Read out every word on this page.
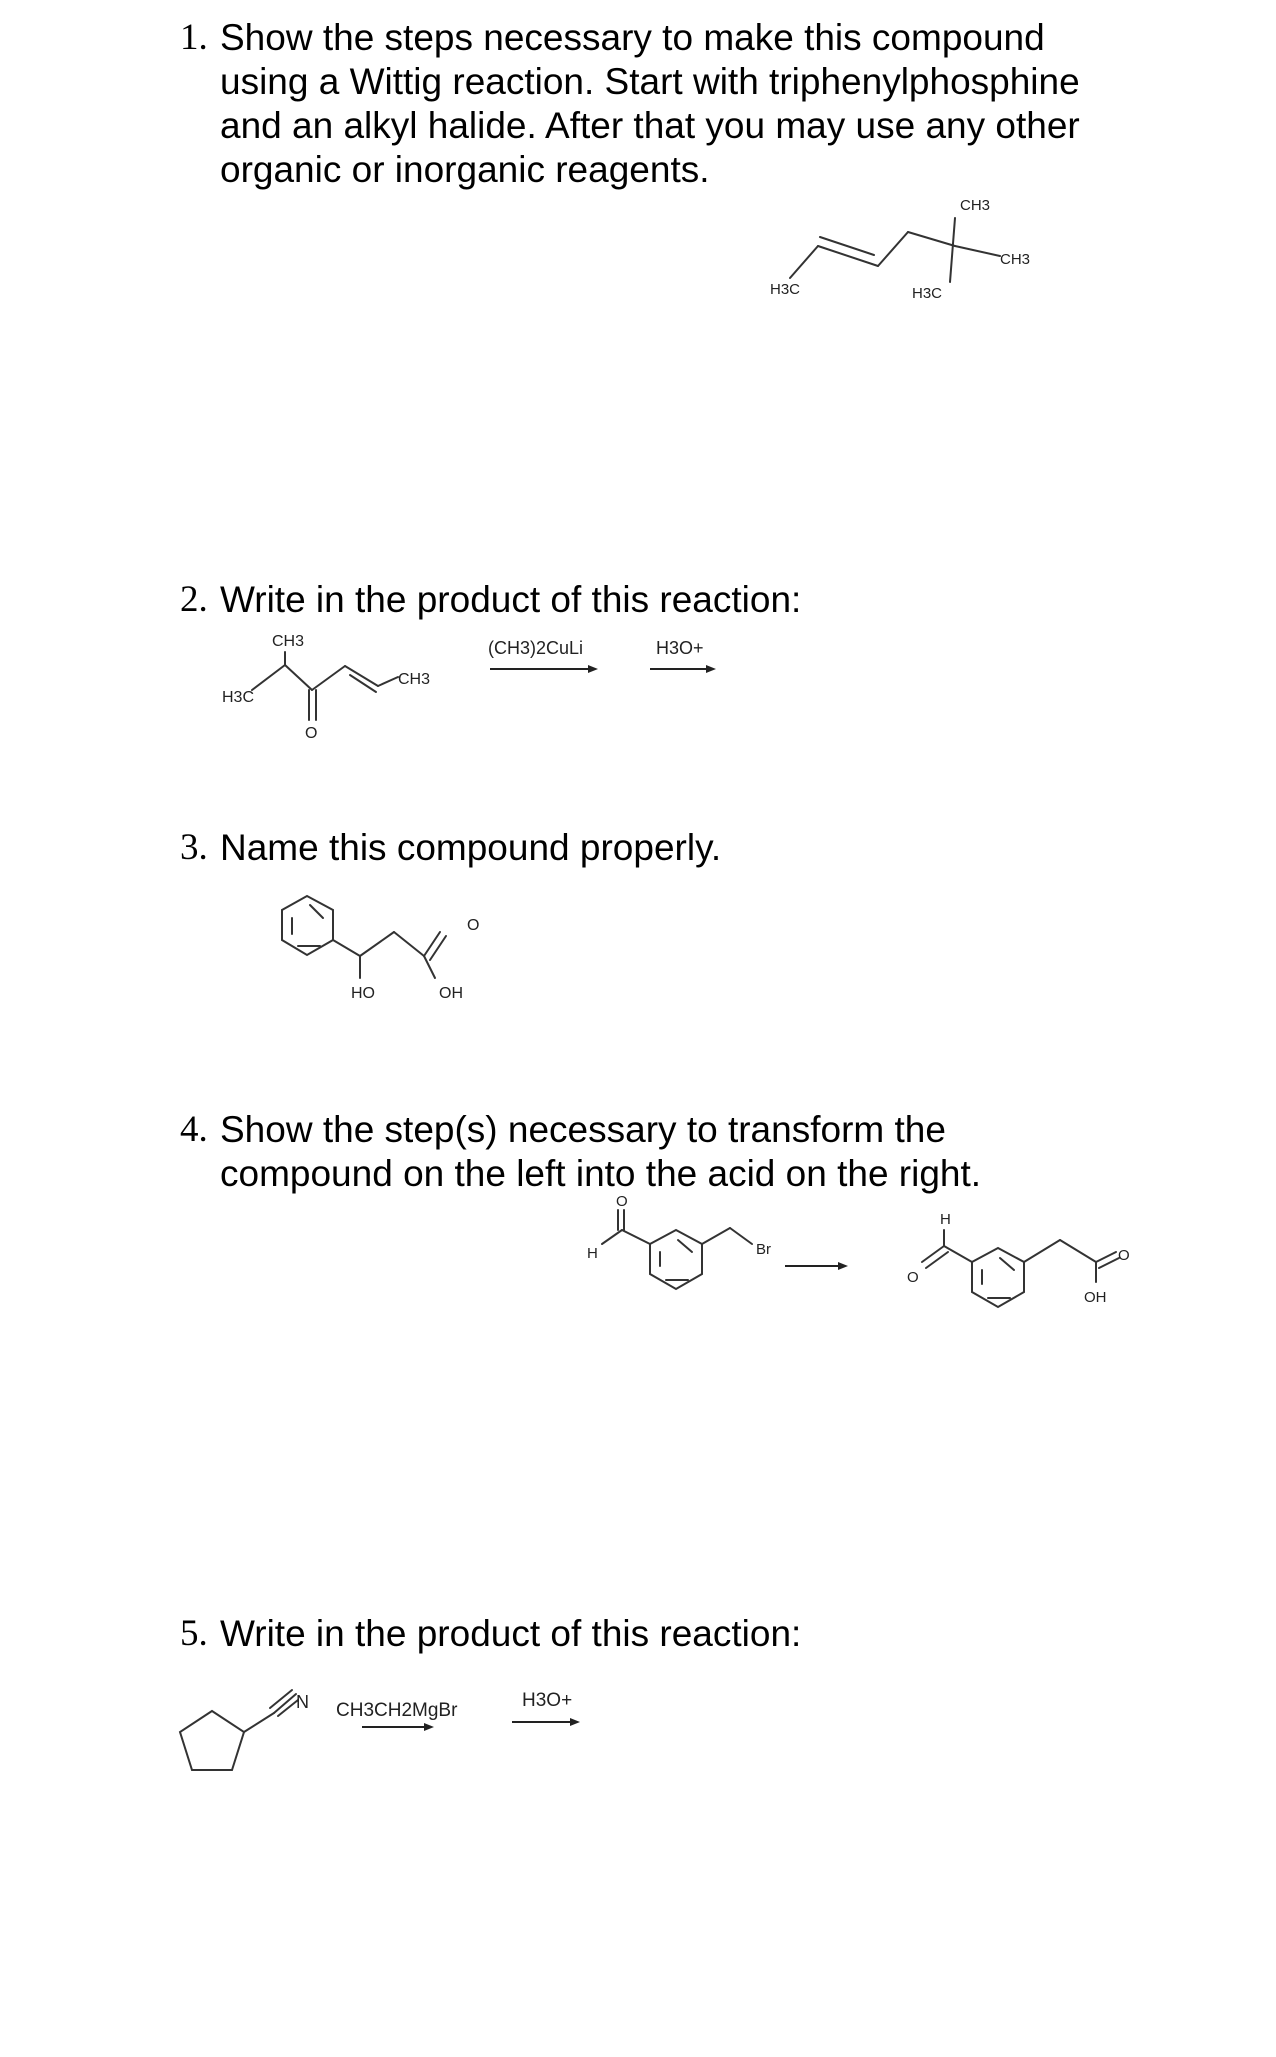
1. Show the steps necessary to make this compound using a Wittig reaction. Start with triphenylphosphine and an alkyl halide. After that you may use any other organic or inorganic reagents.
2. Write in the product of this reaction:
3. Name this compound properly.
4. Show the step(s) necessary to transform the compound on the left into the acid on the right.
5. Write in the product of this reaction:
CH3
CH3
H3C	H3C
CH3
H3C
O
CH3
(CH3)2CuLi	H3O+
O
HO	OH
O
H	Br
H
O
O
OH
N CH3CH2MgBr	H3O+
